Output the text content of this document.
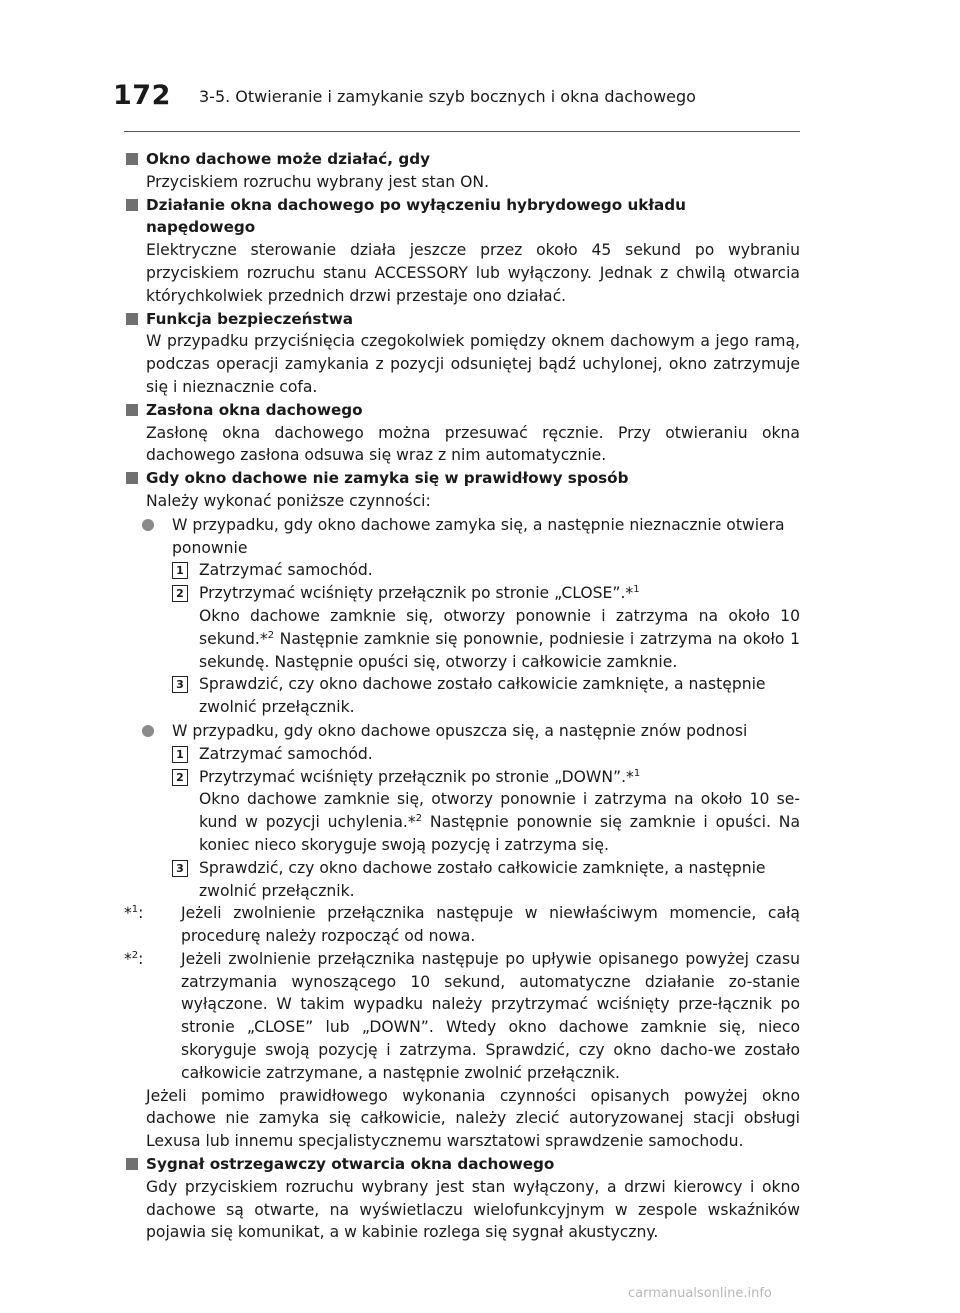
172 3-5. Otwieranie i zamykanie szyb bocznych i okna dachowego
Okno dachowe może działać, gdy
Przyciskiem rozruchu wybrany jest stan ON.
Działanie okna dachowego po wyłączeniu hybrydowego układu napędowego
Elektryczne sterowanie działa jeszcze przez około 45 sekund po wybraniu przyciskiem rozruchu stanu ACCESSORY lub wyłączony. Jednak z chwilą otwarcia którychkolwiek przednich drzwi przestaje ono działać.
Funkcja bezpieczeństwa
W przypadku przyciśnięcia czegokolwiek pomiędzy oknem dachowym a jego ramą, podczas operacji zamykania z pozycji odsuniętej bądź uchylonej, okno zatrzymuje się i nieznacznie cofa.
Zasłona okna dachowego
Zasłonę okna dachowego można przesuwać ręcznie. Przy otwieraniu okna dachowego zasłona odsuwa się wraz z nim automatycznie.
Gdy okno dachowe nie zamyka się w prawidłowy sposób
Należy wykonać poniższe czynności:
W przypadku, gdy okno dachowe zamyka się, a następnie nieznacznie otwiera ponownie
1 Zatrzymać samochód.
2 Przytrzymać wciśnięty przełącznik po stronie „CLOSE”.*$^1$
Okno dachowe zamknie się, otworzy ponownie i zatrzyma na około 10 sekund.*$^2$ Następnie zamknie się ponownie, podniesie i zatrzyma na około 1 sekundę. Następnie opuści się, otworzy i całkowicie zamknie.
3 Sprawdzić, czy okno dachowe zostało całkowicie zamknięte, a następnie zwolnić przełącznik.
W przypadku, gdy okno dachowe opuszcza się, a następnie znów podnosi
1 Zatrzymać samochód.
2 Przytrzymać wciśnięty przełącznik po stronie „DOWN”.*$^1$
Okno dachowe zamknie się, otworzy ponownie i zatrzyma na około 10 se-kund w pozycji uchylenia.*$^2$ Następnie ponownie się zamknie i opuści. Na koniec nieco skoryguje swoją pozycję i zatrzyma się.
3 Sprawdzić, czy okno dachowe zostało całkowicie zamknięte, a następnie zwolnić przełącznik.
*$^1$: Jeżeli zwolnienie przełącznika następuje w niewłaściwym momencie, całą procedurę należy rozpocząć od nowa.
*$^2$: Jeżeli zwolnienie przełącznika następuje po upływie opisanego powyżej czasu zatrzymania wynoszącego 10 sekund, automatyczne działanie zo-stanie wyłączone. W takim wypadku należy przytrzymać wciśnięty prze-łącznik po stronie „CLOSE” lub „DOWN”. Wtedy okno dachowe zamknie się, nieco skoryguje swoją pozycję i zatrzyma. Sprawdzić, czy okno dacho-we zostało całkowicie zatrzymane, a następnie zwolnić przełącznik.
Jeżeli pomimo prawidłowego wykonania czynności opisanych powyżej okno dachowe nie zamyka się całkowicie, należy zlecić autoryzowanej stacji obsługi Lexusa lub innemu specjalistycznemu warsztatowi sprawdzenie samochodu.
Sygnał ostrzegawczy otwarcia okna dachowego
Gdy przyciskiem rozruchu wybrany jest stan wyłączony, a drzwi kierowcy i okno dachowe są otwarte, na wyświetlaczu wielofunkcyjnym w zespole wskaźników pojawia się komunikat, a w kabinie rozlega się sygnał akustyczny.
carmanualsonline.info
